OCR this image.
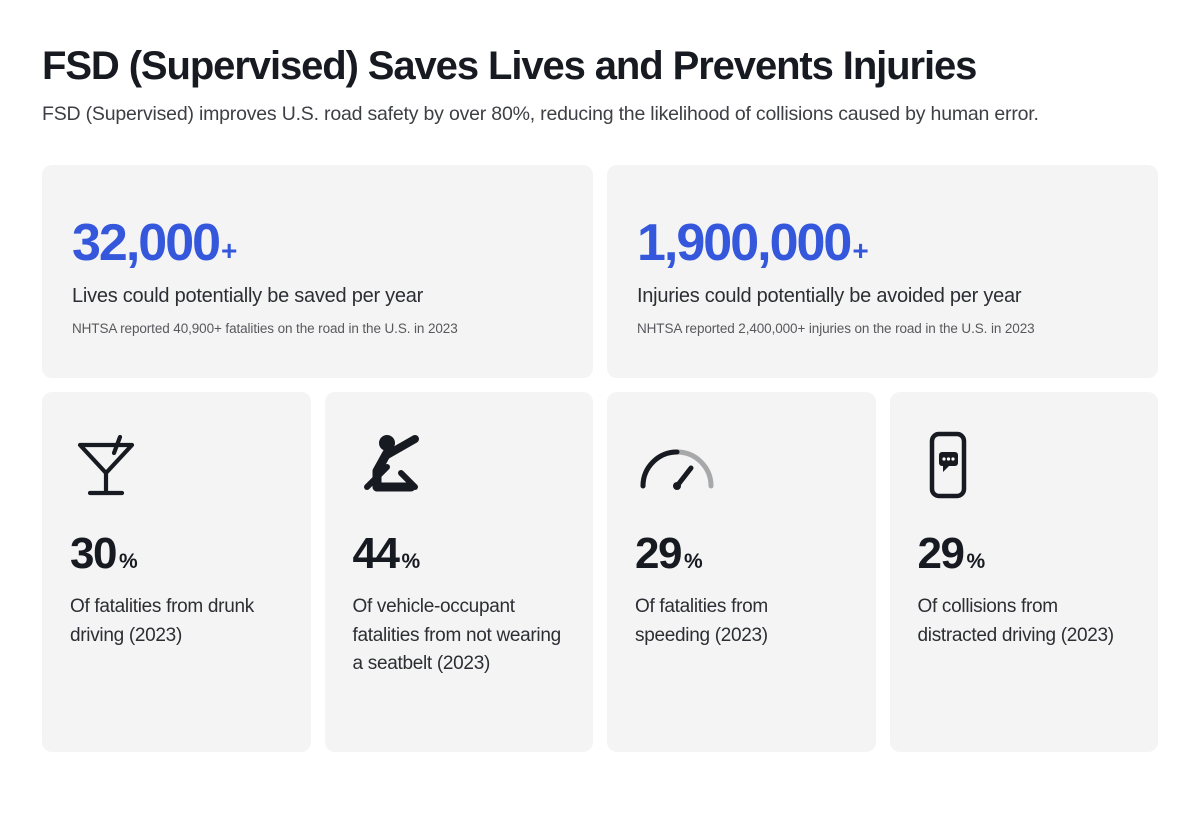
FSD (Supervised) Saves Lives and Prevents Injuries

FSD (Supervised) improves U.S. road safety by over 80%, reducing the likelihood of collisions caused by human error.

32,000 +
Lives could potentially be saved per year
NHTSA reported 40,900+ fatalities on the road in the U.S. in 2023
1,900,000 +
Injuries could potentially be avoided per year
NHTSA reported 2,400,000+ injuries on the road in the U.S. in 2023
30 %
Of fatalities from drunk driving (2023)
44 %
Of vehicle-occupant fatalities from not wearing a seatbelt (2023)
29 %
Of fatalities from speeding (2023)
29 %
Of collisions from distracted driving (2023)
